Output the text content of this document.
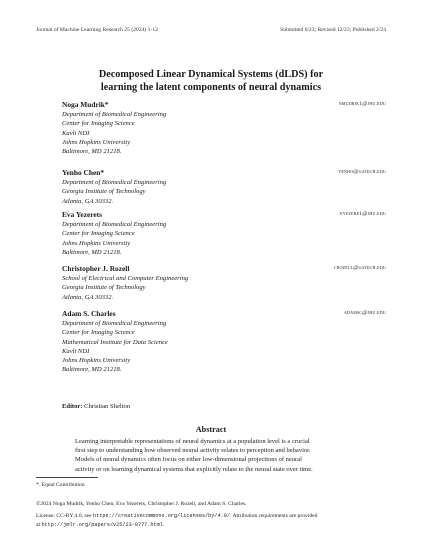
Journal of Machine Learning Research 25 (2024) 1-12	Submitted 6/23; Revised 12/23; Published 2/24
Decomposed Linear Dynamical Systems (dLDS) for
learning the latent components of neural dynamics
Noga Mudrik*	nmudrik1@jhu.edu
Department of Biomedical Engineering
Center for Imaging Science
Kavli NDI
Johns Hopkins University
Baltimore, MD 21218.
Yenho Chen*	yenho@gatech.edu
Department of Biomedical Engineering
Georgia Institute of Technology
Atlanta, GA 30332.
Eva Yezerets	eyezere1@jhu.edu
Department of Biomedical Engineering
Center for Imaging Science
Johns Hopkins University
Baltimore, MD 21218.
Christopher J. Rozell	crozell@gatech.edu
School of Electrical and Computer Engineering
Georgia Institute of Technology
Atlanta, GA 30332.
Adam S. Charles	adamsc@jhu.edu
Department of Biomedical Engineering
Center for Imaging Science
Mathematical Institute for Data Science
Kavli NDI
Johns Hopkins University
Baltimore, MD 21218.
Editor: Christian Shelton
Abstract
Learning interpretable representations of neural dynamics at a population level is a crucial
first step to understanding how observed neural activity relates to perception and behavior.
Models of neural dynamics often focus on either low-dimensional projections of neural
activity or on learning dynamical systems that explicitly relate to the neural state over time.
*. Equal Contribution
©2024 Noga Mudrik, Yenho Chen, Eva Yezerets, Christopher J. Rozell, and Adam S. Charles.
License: CC-BY 4.0, see https://creativecommons.org/licenses/by/4.0/. Attribution requirements are provided
at http://jmlr.org/papers/v25/23-0777.html.
